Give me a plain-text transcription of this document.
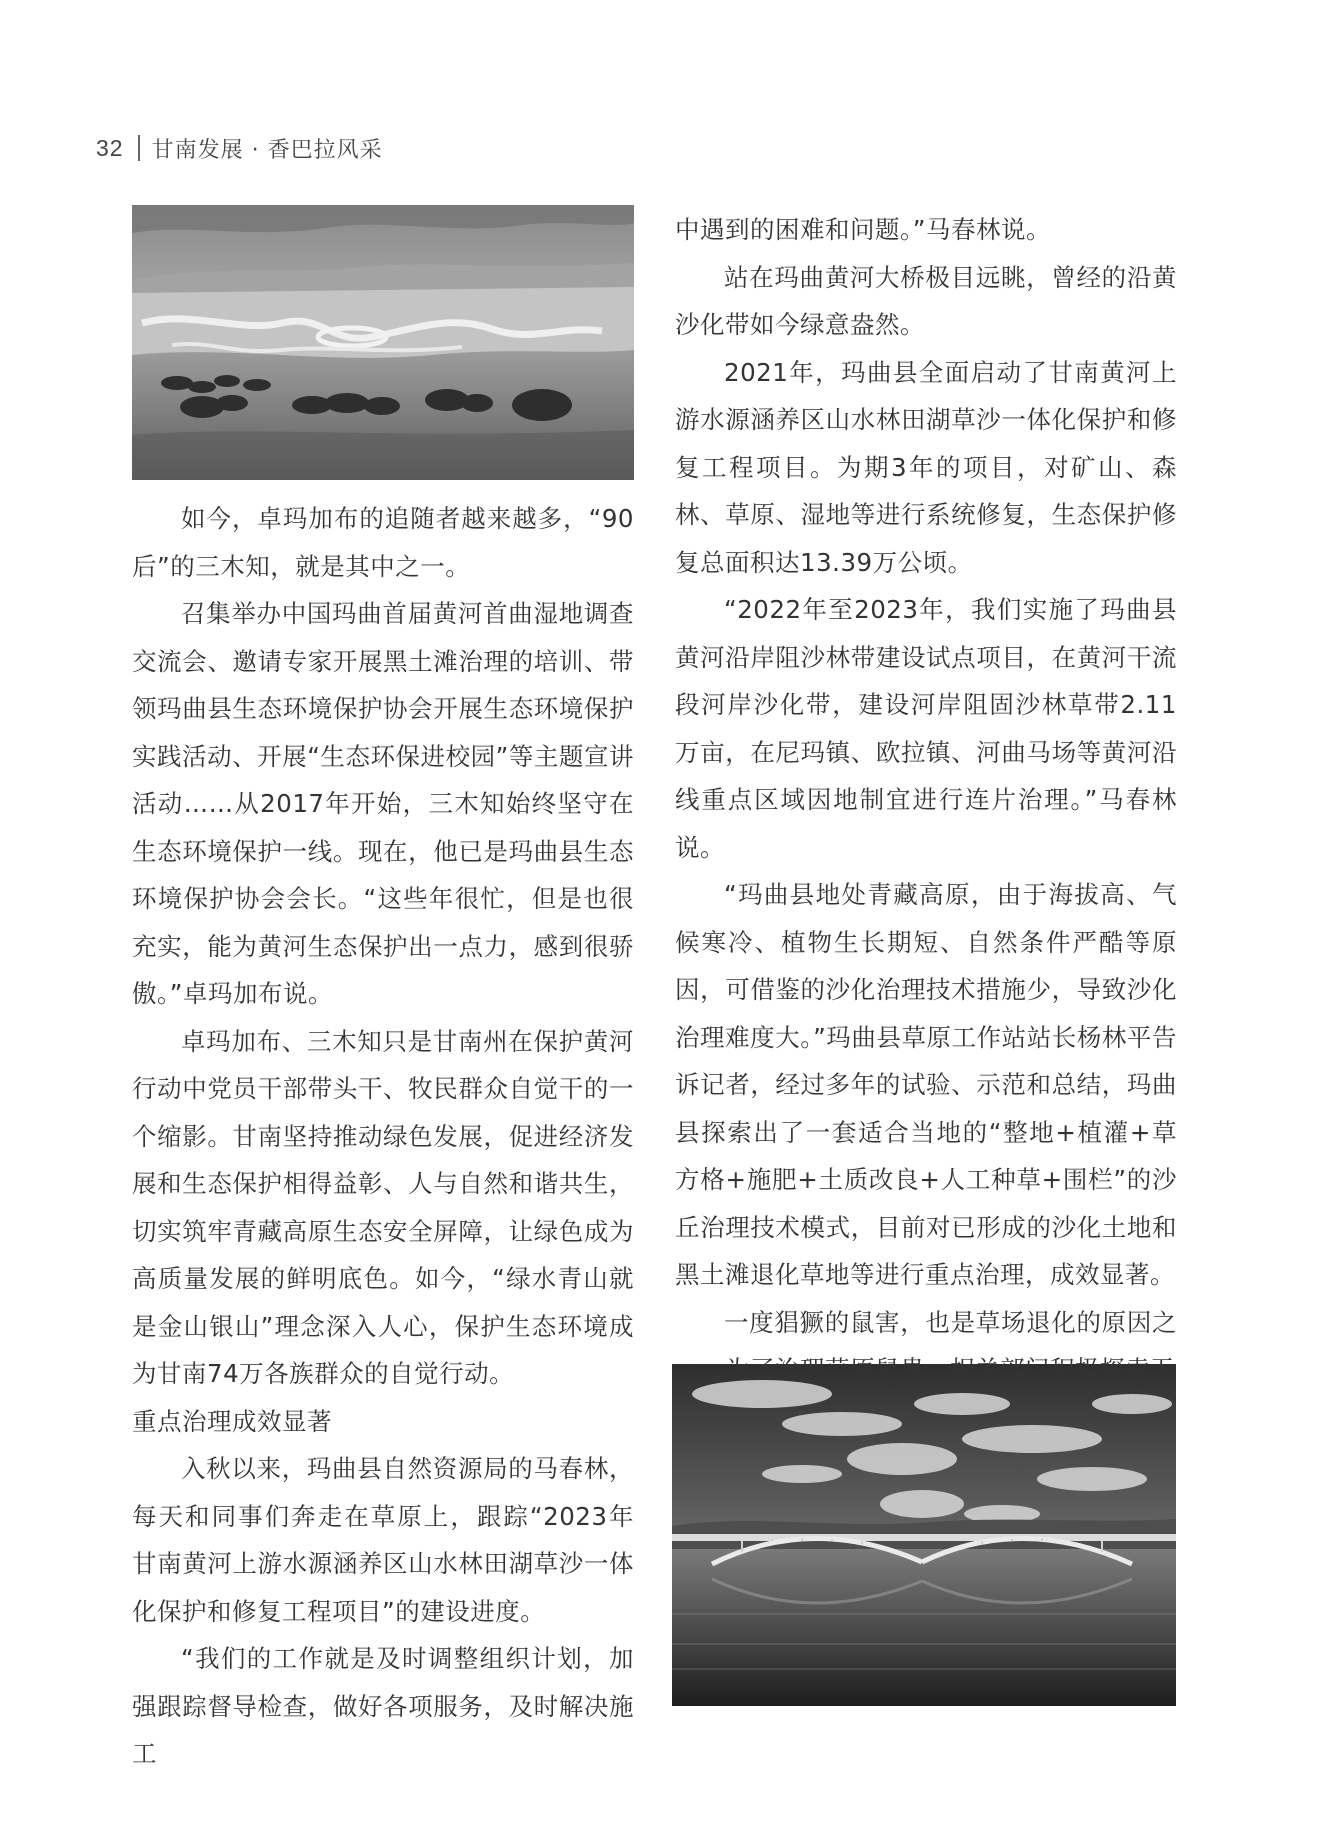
32 甘南发展 · 香巴拉风采

如今，卓玛加布的追随者越来越多，“90后”的三木知，就是其中之一。

召集举办中国玛曲首届黄河首曲湿地调查交流会、邀请专家开展黑土滩治理的培训、带领玛曲县生态环境保护协会开展生态环境保护实践活动、开展“生态环保进校园”等主题宣讲活动……从2017年开始，三木知始终坚守在生态环境保护一线。现在，他已是玛曲县生态环境保护协会会长。“这些年很忙，但是也很充实，能为黄河生态保护出一点力，感到很骄傲。”卓玛加布说。

卓玛加布、三木知只是甘南州在保护黄河行动中党员干部带头干、牧民群众自觉干的一个缩影。甘南坚持推动绿色发展，促进经济发展和生态保护相得益彰、人与自然和谐共生，切实筑牢青藏高原生态安全屏障，让绿色成为高质量发展的鲜明底色。如今，“绿水青山就是金山银山”理念深入人心，保护生态环境成为甘南74万各族群众的自觉行动。

重点治理成效显著

入秋以来，玛曲县自然资源局的马春林，每天和同事们奔走在草原上，跟踪“2023年甘南黄河上游水源涵养区山水林田湖草沙一体化保护和修复工程项目”的建设进度。

“我们的工作就是及时调整组织计划，加强跟踪督导检查，做好各项服务，及时解决施工

中遇到的困难和问题。”马春林说。

站在玛曲黄河大桥极目远眺，曾经的沿黄沙化带如今绿意盎然。

2021年，玛曲县全面启动了甘南黄河上游水源涵养区山水林田湖草沙一体化保护和修复工程项目。为期3年的项目，对矿山、森林、草原、湿地等进行系统修复，生态保护修复总面积达13.39万公顷。

“2022年至2023年，我们实施了玛曲县黄河沿岸阻沙林带建设试点项目，在黄河干流段河岸沙化带，建设河岸阻固沙林草带2.11万亩，在尼玛镇、欧拉镇、河曲马场等黄河沿线重点区域因地制宜进行连片治理。”马春林说。

“玛曲县地处青藏高原，由于海拔高、气候寒冷、植物生长期短、自然条件严酷等原因，可借鉴的沙化治理技术措施少，导致沙化治理难度大。”玛曲县草原工作站站长杨林平告诉记者，经过多年的试验、示范和总结，玛曲县探索出了一套适合当地的“整地+植灌+草方格+施肥+土质改良+人工种草+围栏”的沙丘治理技术模式，目前对已形成的沙化土地和黑土滩退化草地等进行重点治理，成效显著。

一度猖獗的鼠害，也是草场退化的原因之一。为了治理草原鼠患，相关部门积极探索无
